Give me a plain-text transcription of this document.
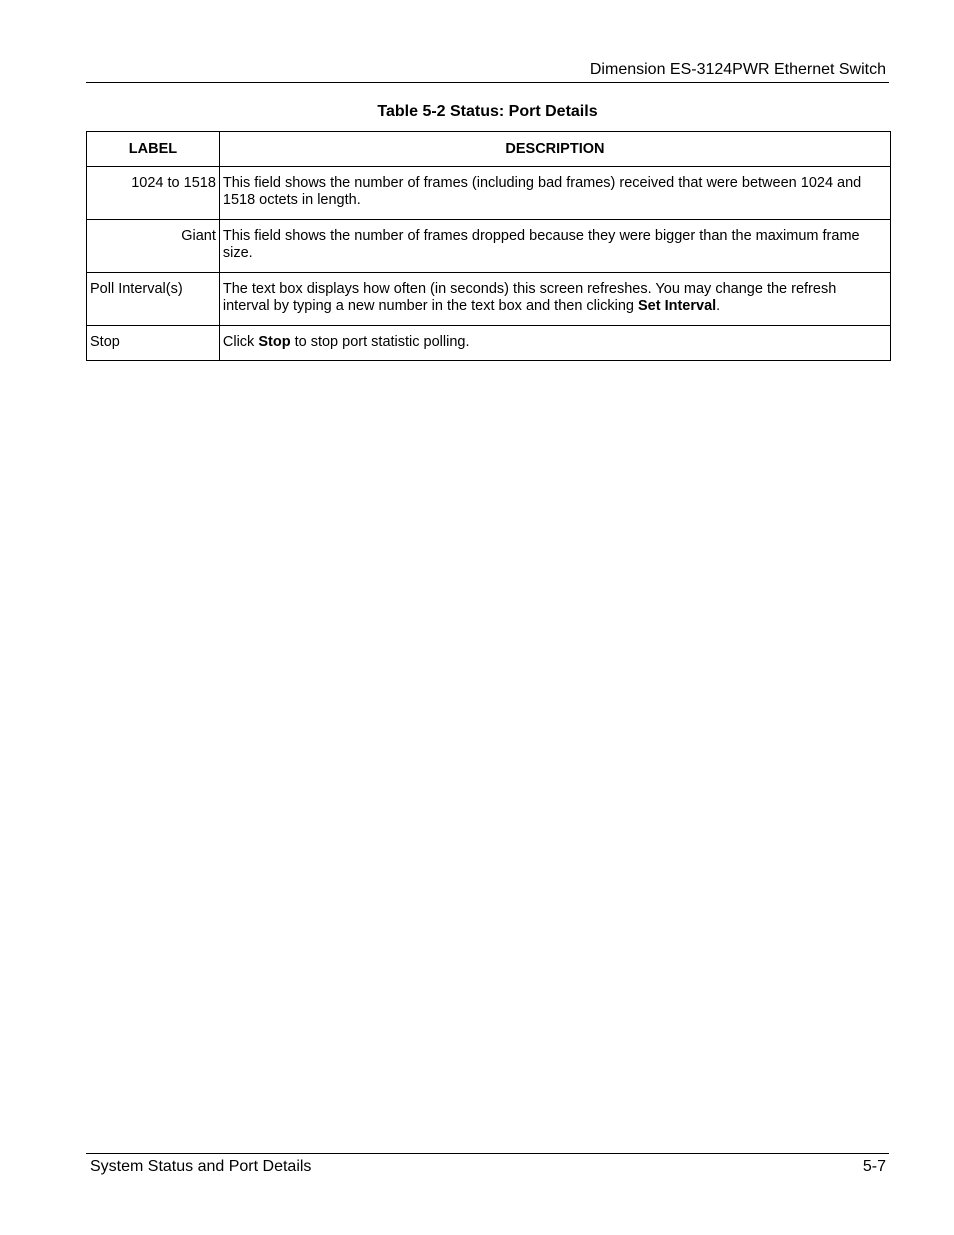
Dimension ES-3124PWR Ethernet Switch
Table 5-2 Status: Port Details
LABEL	DESCRIPTION
1024 to 1518	This field shows the number of frames (including bad frames) received that were between 1024 and 1518 octets in length.
Giant	This field shows the number of frames dropped because they were bigger than the maximum frame size.
Poll Interval(s)	The text box displays how often (in seconds) this screen refreshes. You may change the refresh interval by typing a new number in the text box and then clicking Set Interval.
Stop	Click Stop to stop port statistic polling.
System Status and Port Details	5-7
